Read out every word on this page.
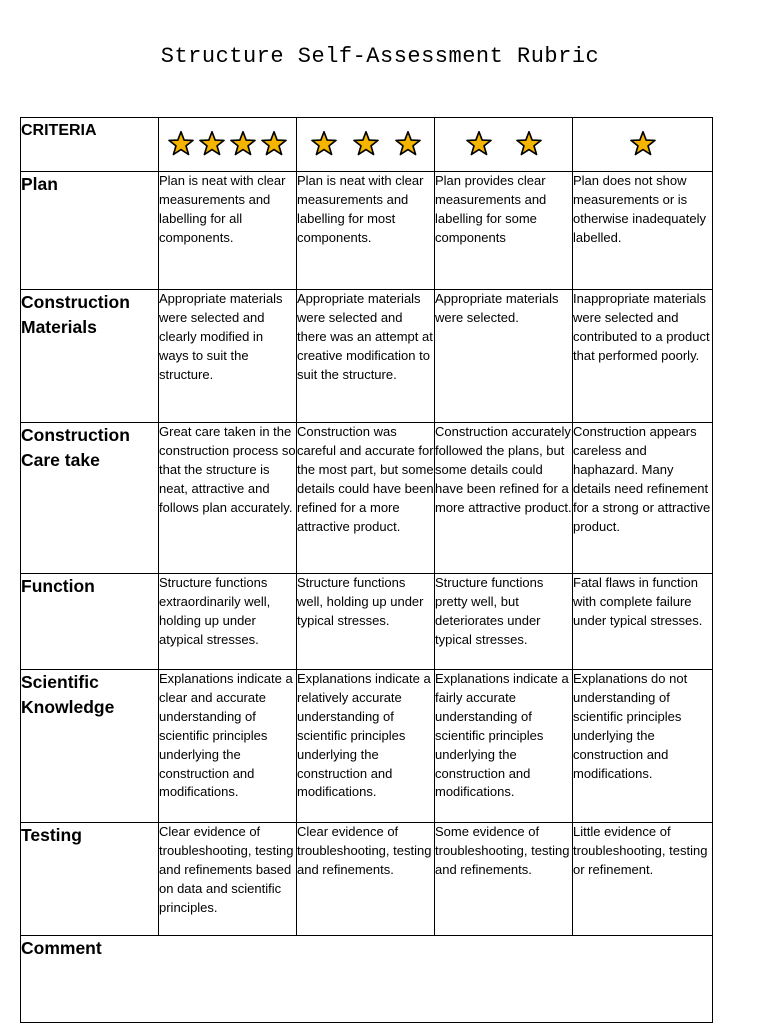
Structure Self-Assessment Rubric
CRITERIA	

Plan	Plan is neat with clear measurements and labelling for all components.	Plan is neat with clear measurements and labelling for most components.	Plan provides clear measurements and labelling for some components	Plan does not show measurements or is otherwise inadequately labelled.
Construction Materials	Appropriate materials were selected and clearly modified in ways to suit the structure.	Appropriate materials were selected and there was an attempt at creative modification to suit the structure.	Appropriate materials were selected.	Inappropriate materials were selected and contributed to a product that performed poorly.
Construction Care take	Great care taken in the construction process so that the structure is neat, attractive and follows plan accurately.	Construction was careful and accurate for the most part, but some details could have been refined for a more attractive product.	Construction accurately followed the plans, but some details could have been refined for a more attractive product.	Construction appears careless and haphazard. Many details need refinement for a strong or attractive product.
Function	Structure functions extraordinarily well, holding up under atypical stresses.	Structure functions well, holding up under typical stresses.	Structure functions pretty well, but deteriorates under typical stresses.	Fatal flaws in function with complete failure under typical stresses.
Scientific Knowledge	Explanations indicate a clear and accurate understanding of scientific principles underlying the construction and modifications.	Explanations indicate a relatively accurate understanding of scientific principles underlying the construction and modifications.	Explanations indicate a fairly accurate understanding of scientific principles underlying the construction and modifications.	Explanations do not understanding of scientific principles underlying the construction and modifications.
Testing	Clear evidence of troubleshooting, testing and refinements based on data and scientific principles.	Clear evidence of troubleshooting, testing and refinements.	Some evidence of troubleshooting, testing and refinements.	Little evidence of troubleshooting, testing or refinement.
Comment				
